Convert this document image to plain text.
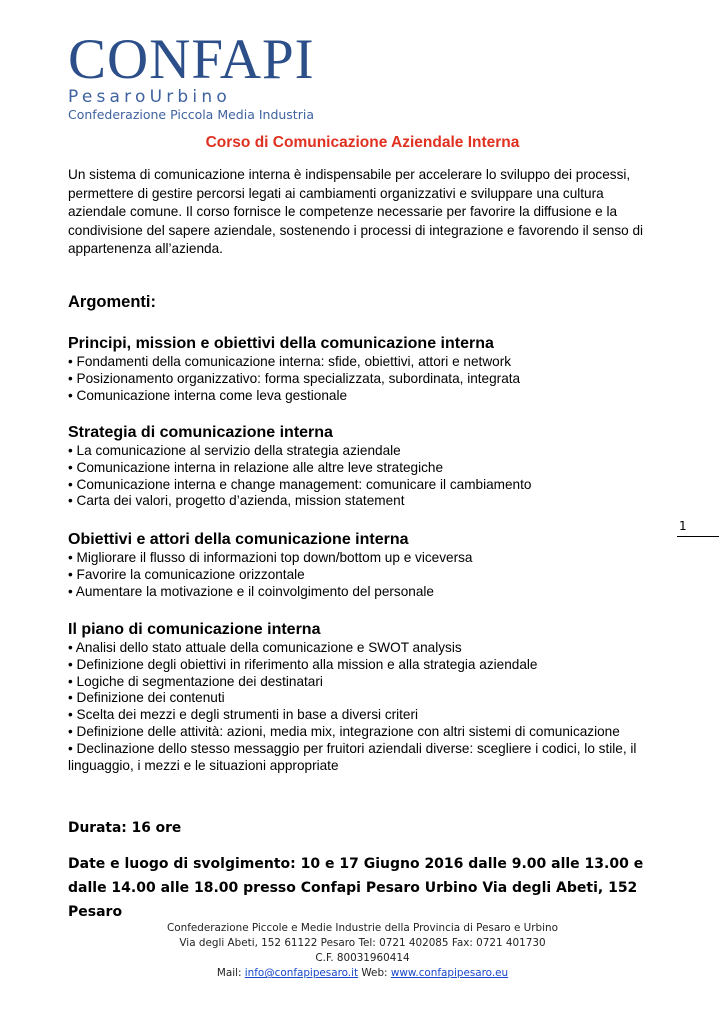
CONFAPI
PesaroUrbino
Confederazione Piccola Media Industria
Corso di Comunicazione Aziendale Interna
Un sistema di comunicazione interna è indispensabile per accelerare lo sviluppo dei processi, permettere di gestire percorsi legati ai cambiamenti organizzativi e sviluppare una cultura aziendale comune. Il corso fornisce le competenze necessarie per favorire la diffusione e la condivisione del sapere aziendale, sostenendo i processi di integrazione e favorendo il senso di appartenenza all’azienda.
Argomenti:
Principi, mission e obiettivi della comunicazione interna
• Fondamenti della comunicazione interna: sfide, obiettivi, attori e network
• Posizionamento organizzativo: forma specializzata, subordinata, integrata
• Comunicazione interna come leva gestionale
Strategia di comunicazione interna
• La comunicazione al servizio della strategia aziendale
• Comunicazione interna in relazione alle altre leve strategiche
• Comunicazione interna e change management: comunicare il cambiamento
• Carta dei valori, progetto d’azienda, mission statement
Obiettivi e attori della comunicazione interna
• Migliorare il flusso di informazioni top down/bottom up e viceversa
• Favorire la comunicazione orizzontale
• Aumentare la motivazione e il coinvolgimento del personale
Il piano di comunicazione interna
• Analisi dello stato attuale della comunicazione e SWOT analysis
• Definizione degli obiettivi in riferimento alla mission e alla strategia aziendale
• Logiche di segmentazione dei destinatari
• Definizione dei contenuti
• Scelta dei mezzi e degli strumenti in base a diversi criteri
• Definizione delle attività: azioni, media mix, integrazione con altri sistemi di comunicazione
• Declinazione dello stesso messaggio per fruitori aziendali diverse: scegliere i codici, lo stile, il linguaggio, i mezzi e le situazioni appropriate
Durata: 16 ore
Date e luogo di svolgimento: 10 e 17 Giugno 2016 dalle 9.00 alle 13.00 e dalle 14.00 alle 18.00 presso Confapi Pesaro Urbino Via degli Abeti, 152 Pesaro
1
Confederazione Piccole e Medie Industrie della Provincia di Pesaro e Urbino
Via degli Abeti, 152 61122 Pesaro Tel: 0721 402085 Fax: 0721 401730
C.F. 80031960414
Mail: info@confapipesaro.it Web: www.confapipesaro.eu
